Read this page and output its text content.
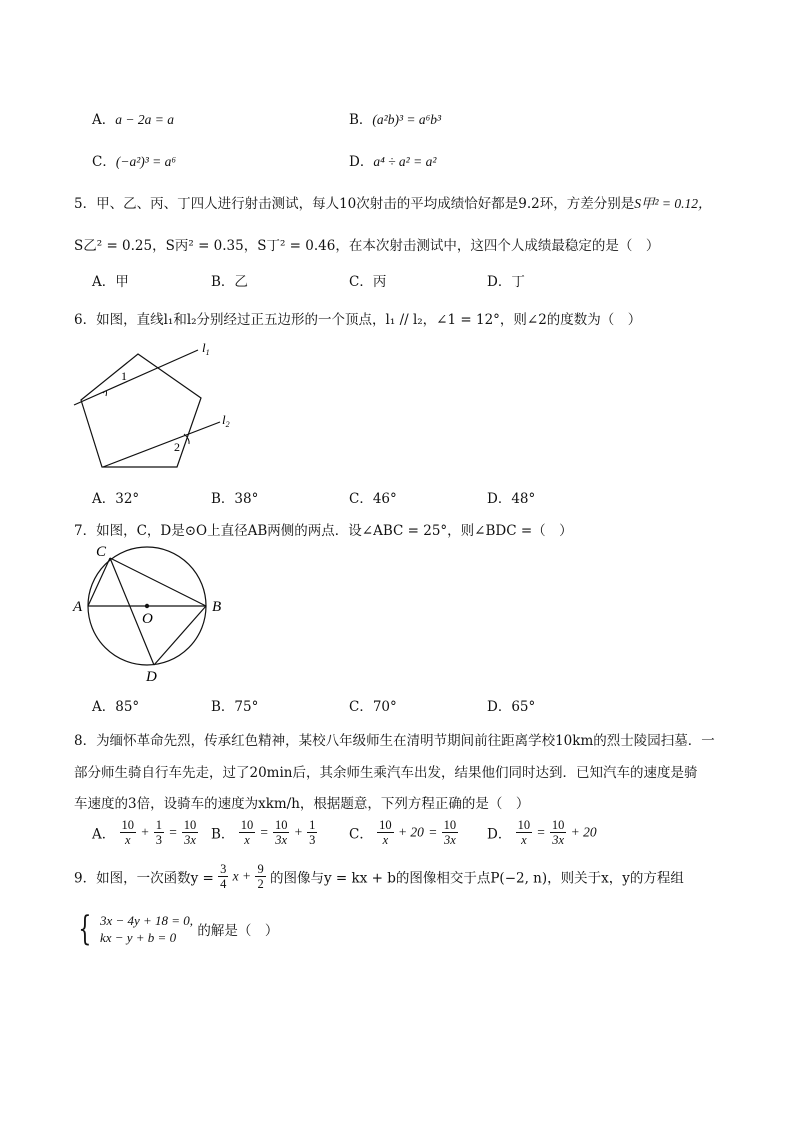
A．a − 2a = a	B．(a²b)³ = a⁶b³
C．(−a²)³ = a⁶	D．a⁴ ÷ a² = a²
5．甲、乙、丙、丁四人进行射击测试，每人10次射击的平均成绩恰好都是9.2环，方差分别是S甲² = 0.12，
S乙² = 0.25，S丙² = 0.35，S丁² = 0.46，在本次射击测试中，这四个人成绩最稳定的是（　）
A．甲	B．乙	C．丙	D．丁
6．如图，直线l₁和l₂分别经过正五边形的一个顶点，l₁ // l₂，∠1 = 12°，则∠2的度数为（　）
$l_1$
$l_2$
1
2
A．32°	B．38°	C．46°	D．48°
7．如图，C，D是⊙O上直径AB两侧的两点．设∠ABC = 25°，则∠BDC =（　）
C
A	B
O
D
A．85°	B．75°	C．70°	D．65°
8．为缅怀革命先烈，传承红色精神，某校八年级师生在清明节期间前往距离学校10km的烈士陵园扫墓．一
部分师生骑自行车先走，过了20min后，其余师生乘汽车出发，结果他们同时达到．已知汽车的速度是骑
车速度的3倍，设骑车的速度为xkm/h，根据题意，下列方程正确的是（　）
A． $\frac{10}{x} + \frac{1}{3} = \frac{10}{3x}$ B． $\frac{10}{x} = \frac{10}{3x} + \frac{1}{3}$ C． $\frac{10}{x} + 20 = \frac{10}{3x}$ D． $\frac{10}{x} = \frac{10}{3x} + 20$
9．如图，一次函数$y = \frac{3}{4}$ $x + \frac{9}{2}$ 的图像与y = kx + b的图像相交于点P(−2, n)，则关于x，y的方程组
{ 3x − 4y + 18 = 0,
kx − y + b = 0	的解是（　）
